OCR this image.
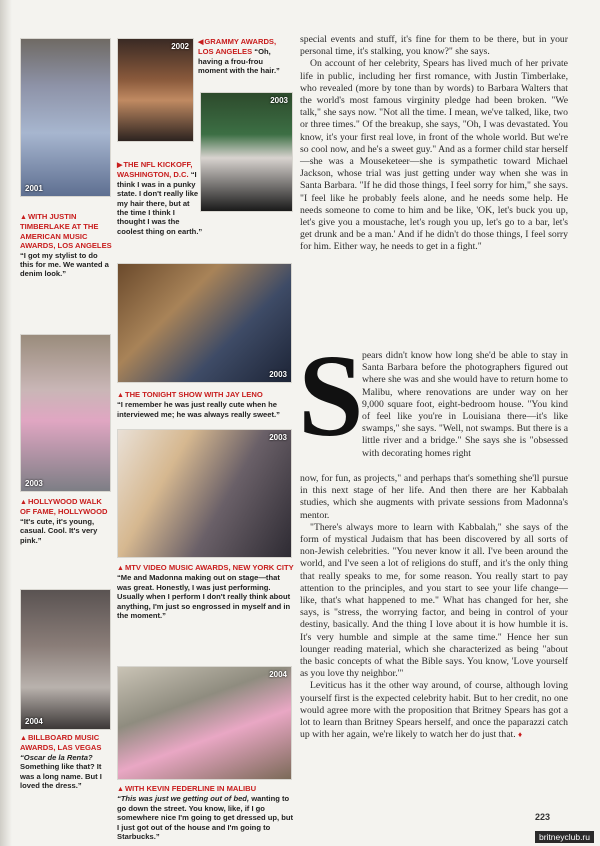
2001
▲WITH JUSTIN TIMBERLAKE AT THE AMERICAN MUSIC AWARDS, LOS ANGELES “I got my stylist to do this for me. We wanted a denim look.”
2003
▲HOLLYWOOD WALK OF FAME, HOLLYWOOD “It's cute, it's young, casual. Cool. It's very pink.”
2004
▲BILLBOARD MUSIC AWARDS, LAS VEGAS “Oscar de la Renta? Something like that? It was a long name. But I loved the dress.”
2002 ◀GRAMMY AWARDS, LOS ANGELES “Oh, having a frou-frou moment with the hair.”
2003
▶THE NFL KICKOFF, WASHINGTON, D.C. “I think I was in a punky state. I don't really like my hair there, but at the time I think I thought I was the coolest thing on earth.”
2003
▲THE TONIGHT SHOW WITH JAY LENO
“I remember he was just really cute when he interviewed me; he was always really sweet.”
2003
▲MTV VIDEO MUSIC AWARDS, NEW YORK CITY “Me and Madonna making out on stage—that was great. Honestly, I was just performing. Usually when I perform I don't really think about anything, I'm just so engrossed in myself and in the moment.”
2004
▲WITH KEVIN FEDERLINE IN MALIBU
“This was just we getting out of bed, wanting to go down the street. You know, like, if I go somewhere nice I'm going to get dressed up, but I just got out of the house and I'm going to Starbucks.”

special events and stuff, it's fine for them to be there, but in your personal time, it's stalking, you know?" she says.

On account of her celebrity, Spears has lived much of her private life in public, including her first romance, with Justin Timberlake, who revealed (more by tone than by words) to Barbara Walters that the world's most famous virginity pledge had been broken. "We talk," she says now. "Not all the time. I mean, we've talked, like, two or three times." Of the breakup, she says, "Oh, I was devastated. You know, it's your first real love, in front of the whole world. But we're so cool now, and he's a sweet guy." And as a former child star herself—she was a Mouseketeer—she is sympathetic toward Michael Jackson, whose trial was just getting under way when she was in Santa Barbara. "If he did those things, I feel sorry for him," she says. "I feel like he probably feels alone, and he needs some help. He needs someone to come to him and be like, 'OK, let's buck you up, let's give you a moustache, let's rough you up, let's go to a bar, let's get drunk and be a man.' And if he didn't do those things, I feel sorry for him. Either way, he needs to get in a fight."

S

pears didn't know how long she'd be able to stay in Santa Barbara before the photographers figured out where she was and she would have to return home to Malibu, where renovations are under way on her 9,000 square foot, eight-bedroom house. "You kind of feel like you're in Louisiana there—it's like swamps," she says. "Well, not swamps. But there is a little river and a bridge." She says she is "obsessed with decorating homes right

now, for fun, as projects," and perhaps that's something she'll pursue in this next stage of her life. And then there are her Kabbalah studies, which she augments with private sessions from Madonna's mentor.

"There's always more to learn with Kabbalah," she says of the form of mystical Judaism that has been discovered by all sorts of non-Jewish celebrities. "You never know it all. I've been around the world, and I've seen a lot of religions do stuff, and it's the only thing that really speaks to me, for some reason. You really start to pay attention to the principles, and you start to see your life change—like, that's what happened to me." What has changed for her, she says, is "stress, the worrying factor, and being in control of your destiny, basically. And the thing I love about it is how humble it is. It's very humble and simple at the same time." Hence her sun lounger reading material, which she characterized as being "about the basic concepts of what the Bible says. You know, 'Love yourself as you love thy neighbor.'"

Leviticus has it the other way around, of course, although loving yourself first is the expected celebrity habit. But to her credit, no one would agree more with the proposition that Britney Spears has got a lot to learn than Britney Spears herself, and once the paparazzi catch up with her again, we're likely to watch her do just that. ♦

223
britneyclub.ru
